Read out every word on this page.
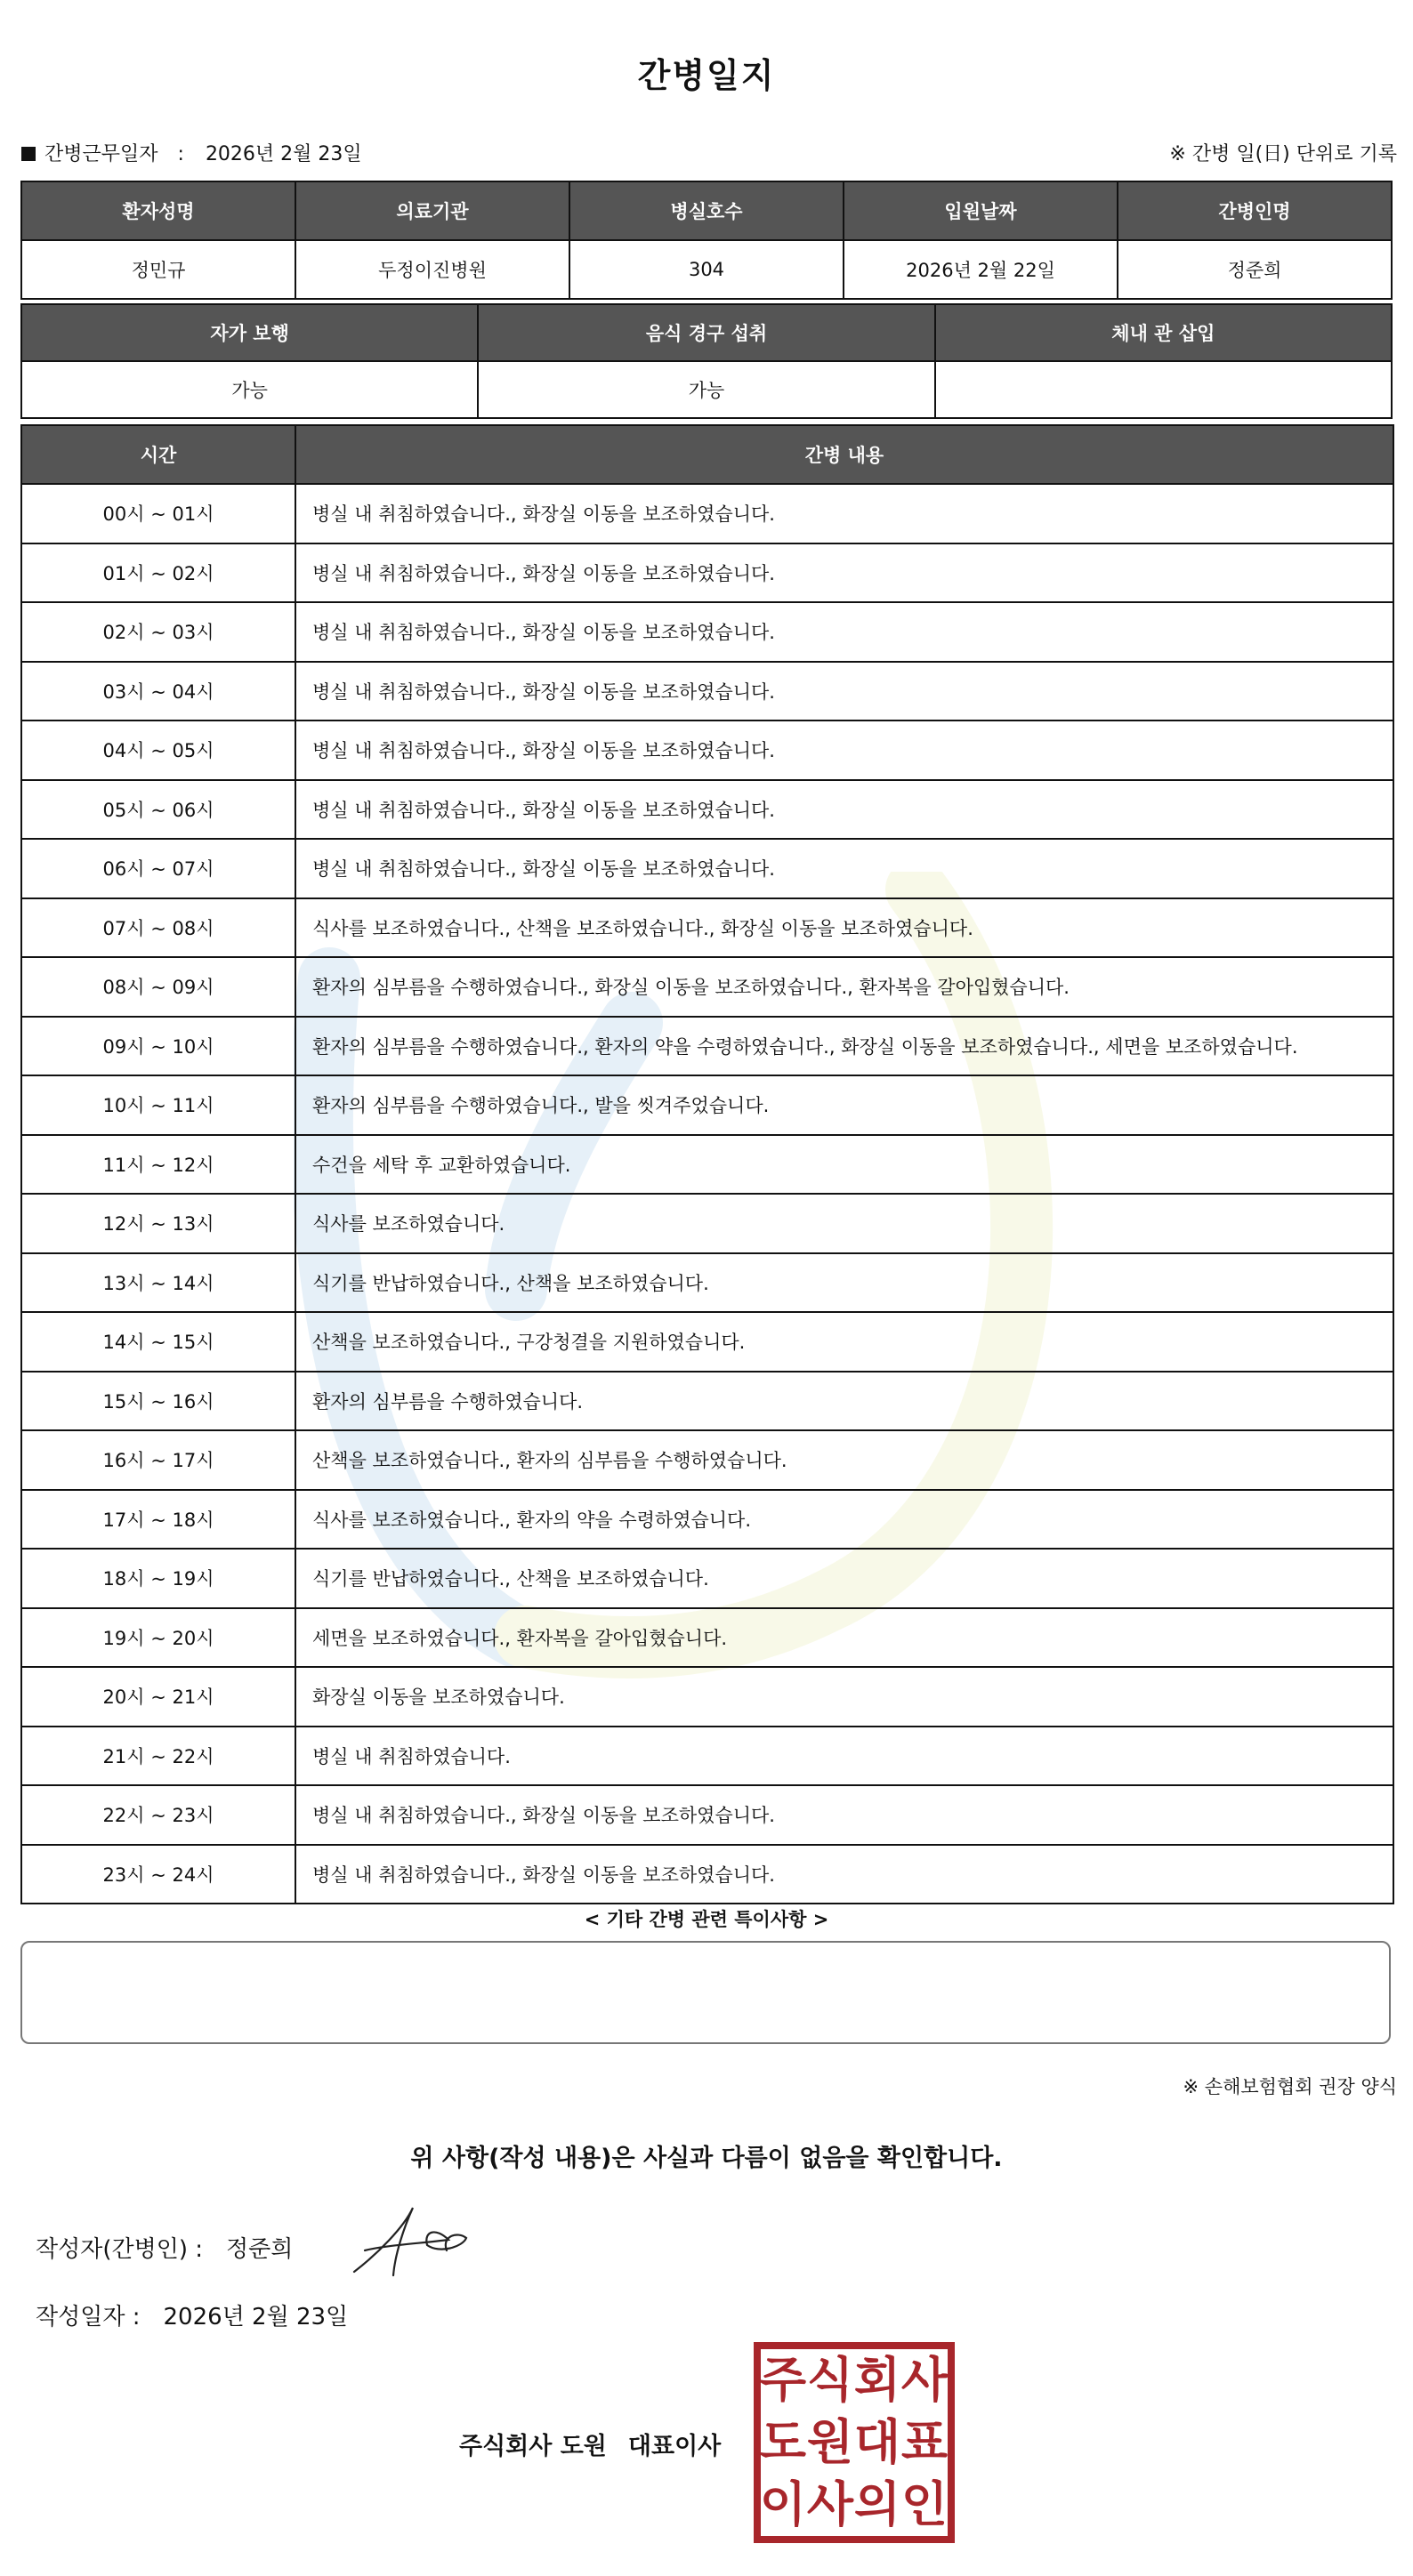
간병일지
간병근무일자 : 2026년 2월 23일	※ 간병 일(日) 단위로 기록
환자성명	의료기관	병실호수	입원날짜	간병인명
정민규	두정이진병원	304	2026년 2월 22일	정준희
자가 보행	음식 경구 섭취	체내 관 삽입
가능	가능	
시간	간병 내용
00시 ~ 01시	병실 내 취침하였습니다., 화장실 이동을 보조하였습니다.
01시 ~ 02시	병실 내 취침하였습니다., 화장실 이동을 보조하였습니다.
02시 ~ 03시	병실 내 취침하였습니다., 화장실 이동을 보조하였습니다.
03시 ~ 04시	병실 내 취침하였습니다., 화장실 이동을 보조하였습니다.
04시 ~ 05시	병실 내 취침하였습니다., 화장실 이동을 보조하였습니다.
05시 ~ 06시	병실 내 취침하였습니다., 화장실 이동을 보조하였습니다.
06시 ~ 07시	병실 내 취침하였습니다., 화장실 이동을 보조하였습니다.
07시 ~ 08시	식사를 보조하였습니다., 산책을 보조하였습니다., 화장실 이동을 보조하였습니다.
08시 ~ 09시	환자의 심부름을 수행하였습니다., 화장실 이동을 보조하였습니다., 환자복을 갈아입혔습니다.
09시 ~ 10시	환자의 심부름을 수행하였습니다., 환자의 약을 수령하였습니다., 화장실 이동을 보조하였습니다., 세면을 보조하였습니다.
10시 ~ 11시	환자의 심부름을 수행하였습니다., 발을 씻겨주었습니다.
11시 ~ 12시	수건을 세탁 후 교환하였습니다.
12시 ~ 13시	식사를 보조하였습니다.
13시 ~ 14시	식기를 반납하였습니다., 산책을 보조하였습니다.
14시 ~ 15시	산책을 보조하였습니다., 구강청결을 지원하였습니다.
15시 ~ 16시	환자의 심부름을 수행하였습니다.
16시 ~ 17시	산책을 보조하였습니다., 환자의 심부름을 수행하였습니다.
17시 ~ 18시	식사를 보조하였습니다., 환자의 약을 수령하였습니다.
18시 ~ 19시	식기를 반납하였습니다., 산책을 보조하였습니다.
19시 ~ 20시	세면을 보조하였습니다., 환자복을 갈아입혔습니다.
20시 ~ 21시	화장실 이동을 보조하였습니다.
21시 ~ 22시	병실 내 취침하였습니다.
22시 ~ 23시	병실 내 취침하였습니다., 화장실 이동을 보조하였습니다.
23시 ~ 24시	병실 내 취침하였습니다., 화장실 이동을 보조하였습니다.
< 기타 간병 관련 특이사항 >
※ 손해보험협회 권장 양식
위 사항(작성 내용)은 사실과 다름이 없음을 확인합니다.
작성자(간병인) : 정준희
작성일자 : 2026년 2월 23일
주식회사 도원 대표이사
주 식 회 사
도 원 대 표
이 사 의 인
